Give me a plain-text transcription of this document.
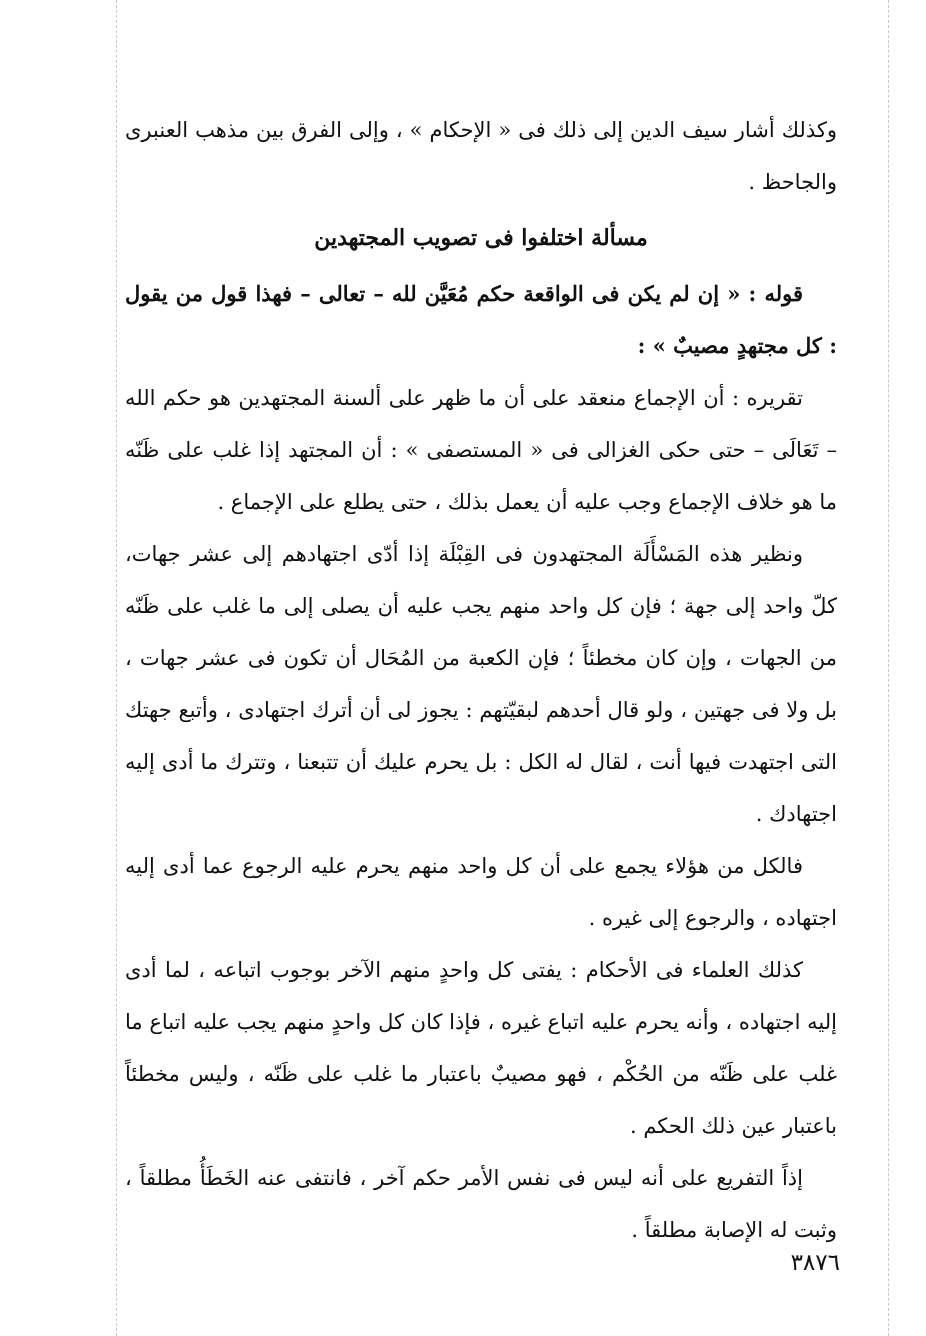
وكذلك أشار سيف الدين إلى ذلك فى « الإحكام » ، وإلى الفرق بين مذهب العنبرى والجاحظ .

مسألة اختلفوا فى تصويب المجتهدين

قوله : « إن لم يكن فى الواقعة حكم مُعَيَّن لله – تعالى – فهذا قول من يقول : كل مجتهدٍ مصيبٌ » :

تقريره : أن الإجماع منعقد على أن ما ظهر على ألسنة المجتهدين هو حكم الله – تَعَالَى – حتى حكى الغزالى فى « المستصفى » : أن المجتهد إذا غلب على ظَنّه ما هو خلاف الإجماع وجب عليه أن يعمل بذلك ، حتى يطلع على الإجماع .

ونظير هذه المَسْأَلَة المجتهدون فى القِبْلَة إذا أدّى اجتهادهم إلى عشر جهات، كلّ واحد إلى جهة ؛ فإن كل واحد منهم يجب عليه أن يصلى إلى ما غلب على ظَنّه من الجهات ، وإن كان مخطئاً ؛ فإن الكعبة من المُحَال أن تكون فى عشر جهات ، بل ولا فى جهتين ، ولو قال أحدهم لبقيّتهم : يجوز لى أن أترك اجتهادى ، وأتبع جهتك التى اجتهدت فيها أنت ، لقال له الكل : بل يحرم عليك أن تتبعنا ، وتترك ما أدى إليه اجتهادك .

فالكل من هؤلاء يجمع على أن كل واحد منهم يحرم عليه الرجوع عما أدى إليه اجتهاده ، والرجوع إلى غيره .

كذلك العلماء فى الأحكام : يفتى كل واحدٍ منهم الآخر بوجوب اتباعه ، لما أدى إليه اجتهاده ، وأنه يحرم عليه اتباع غيره ، فإذا كان كل واحدٍ منهم يجب عليه اتباع ما غلب على ظَنّه من الحُكْم ، فهو مصيبٌ باعتبار ما غلب على ظَنّه ، وليس مخطئاً باعتبار عين ذلك الحكم .

إذاً التفريع على أنه ليس فى نفس الأمر حكم آخر ، فانتفى عنه الخَطَأُ مطلقاً ، وثبت له الإصابة مطلقاً .

٣٨٧٦
